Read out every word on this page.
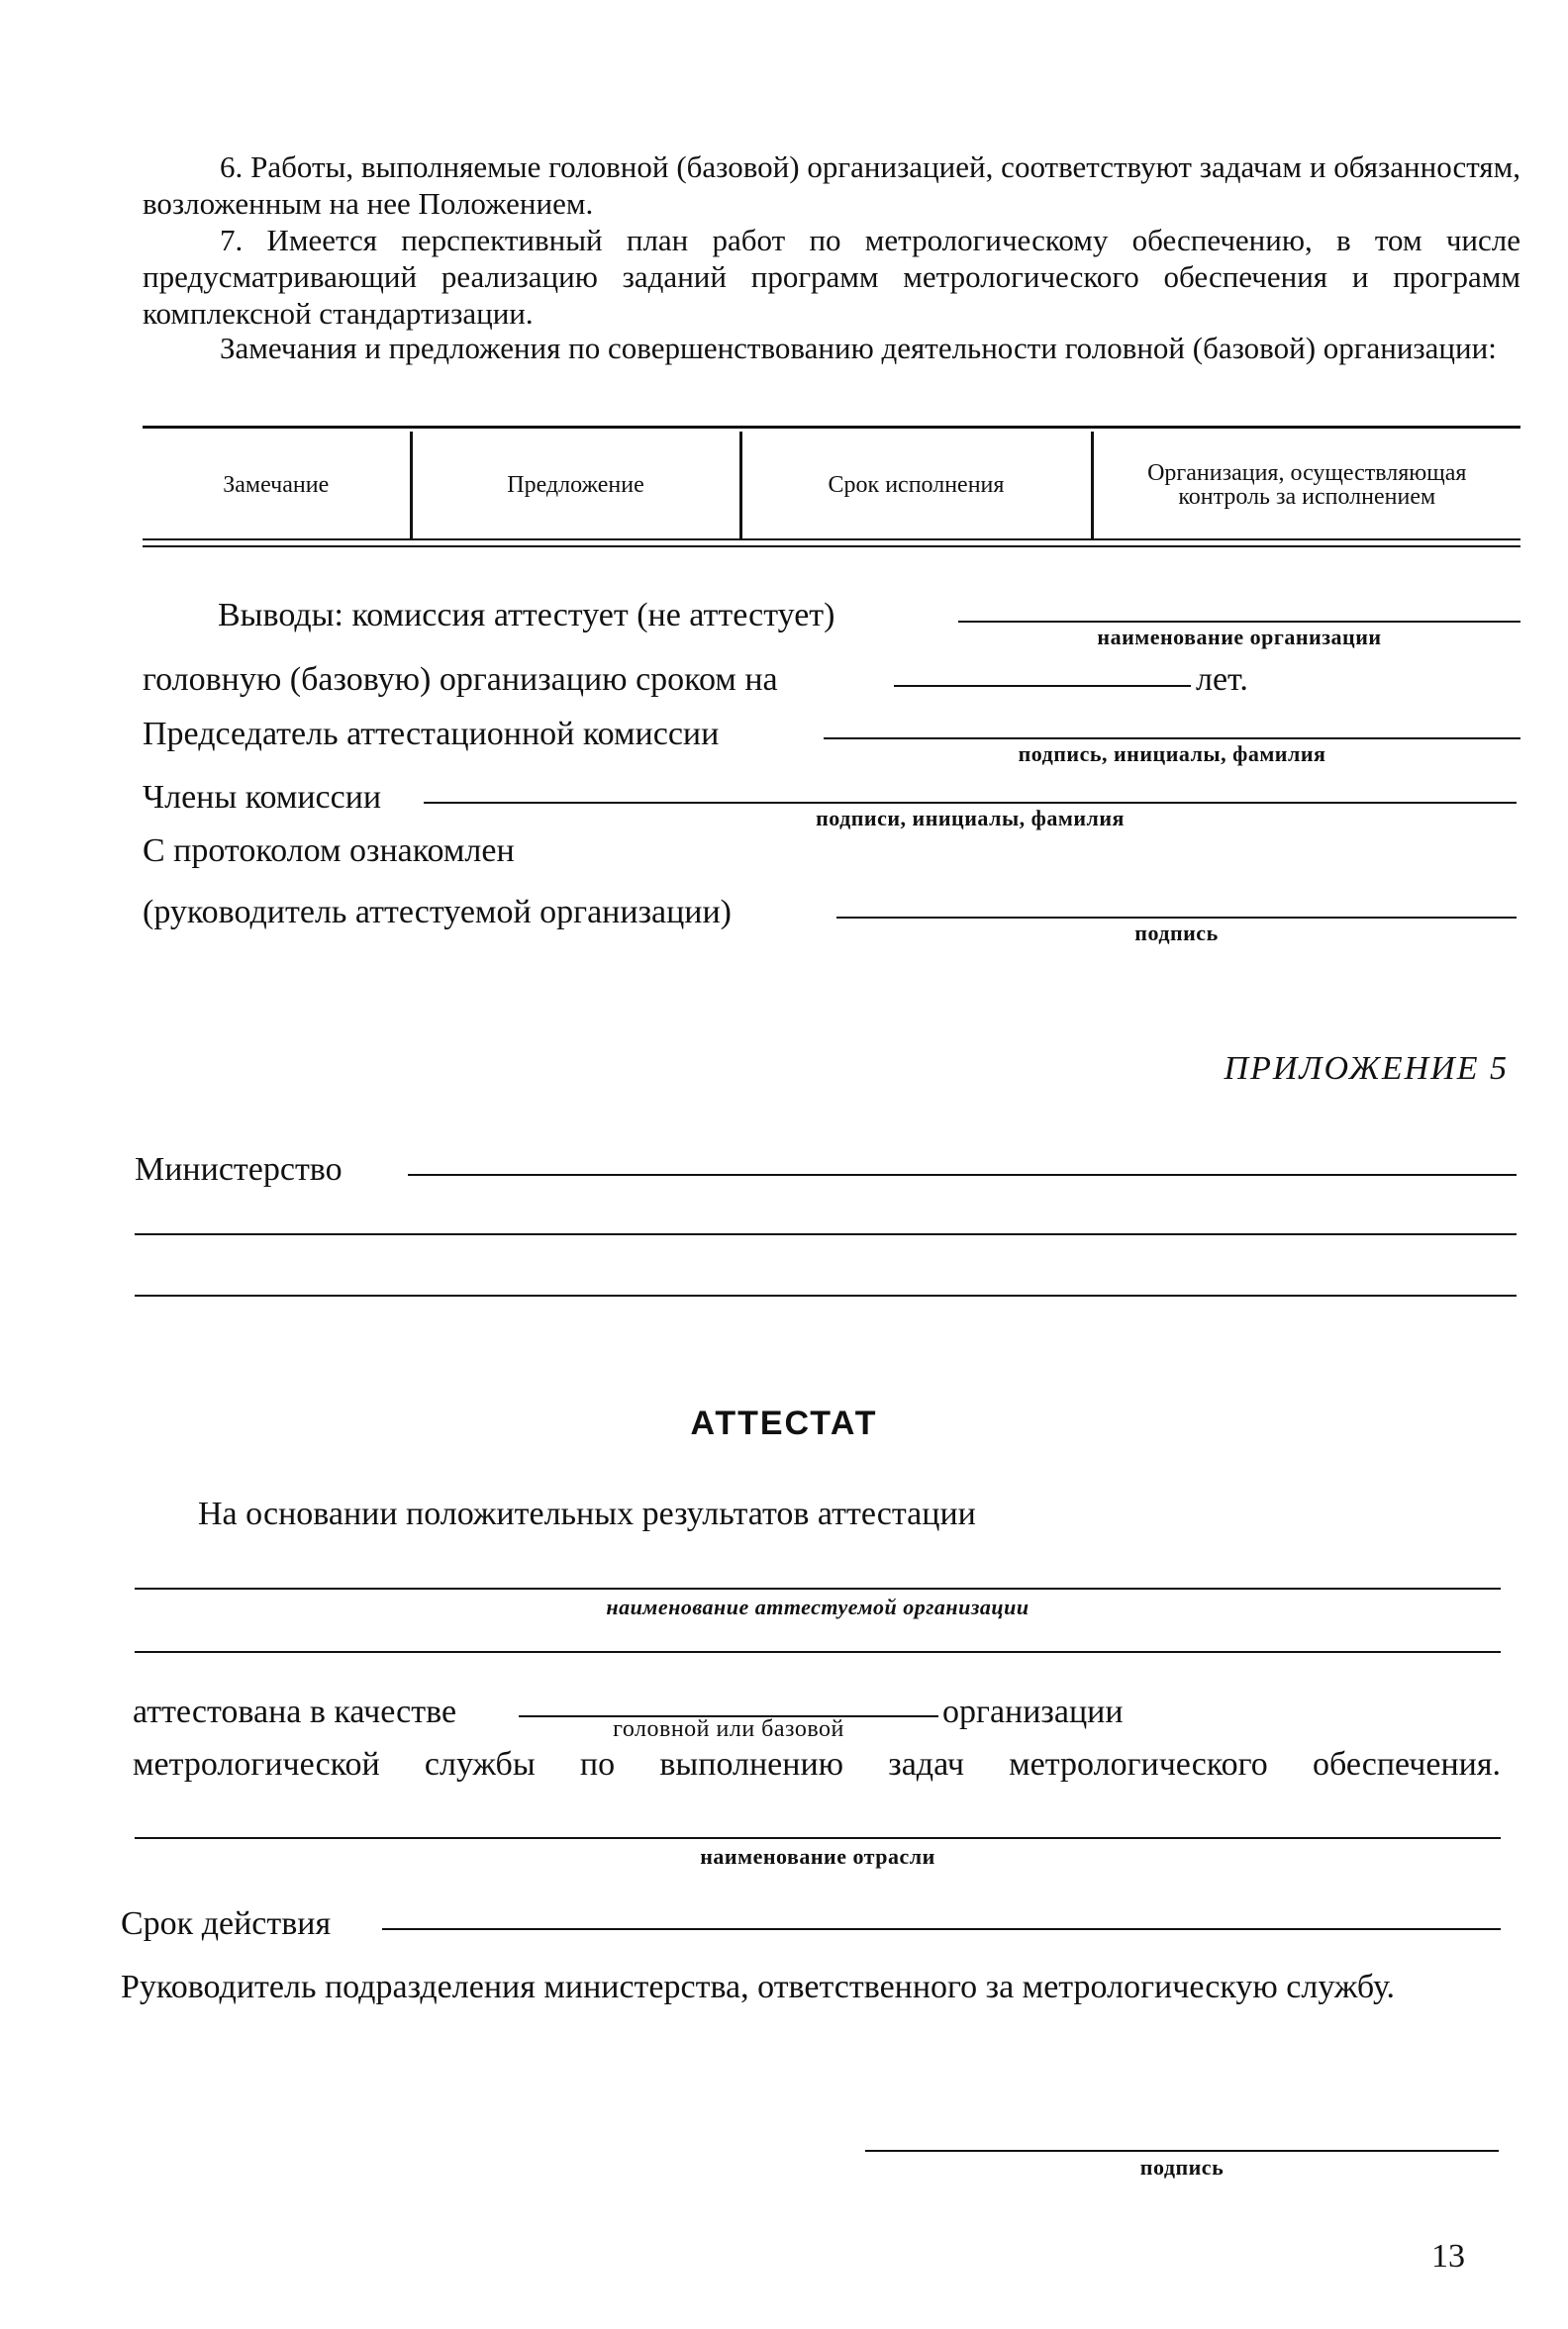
6. Работы, выполняемые головной (базовой) организацией, соответствуют задачам и обязанностям, возложенным на нее Положением.
7. Имеется перспективный план работ по метрологическому обеспечению, в том числе предусматривающий реализацию заданий программ метрологического обеспечения и программ комплексной стандартизации.
Замечания и предложения по совершенствованию деятельности головной (базовой) организации:
Замечание	Предложение	Срок исполнения	Организация, осуществляющая контроль за исполнением
Выводы: комиссия аттестует (не аттестует)
наименование организации
головную (базовую) организацию сроком на	лет.
Председатель аттестационной комиссии
подпись, инициалы, фамилия
Члены комиссии
подписи, инициалы, фамилия
С протоколом ознакомлен
(руководитель аттестуемой организации)
подпись
ПРИЛОЖЕНИЕ 5
Министерство
АТТЕСТАТ
На основании положительных результатов аттестации
наименование аттестуемой организации
аттестована в качестве	головной или базовой	организации
метрологической службы по выполнению задач метрологического обеспечения.
наименование отрасли
Срок действия
Руководитель подразделения министерства, ответственного за метрологическую службу.
подпись
13
